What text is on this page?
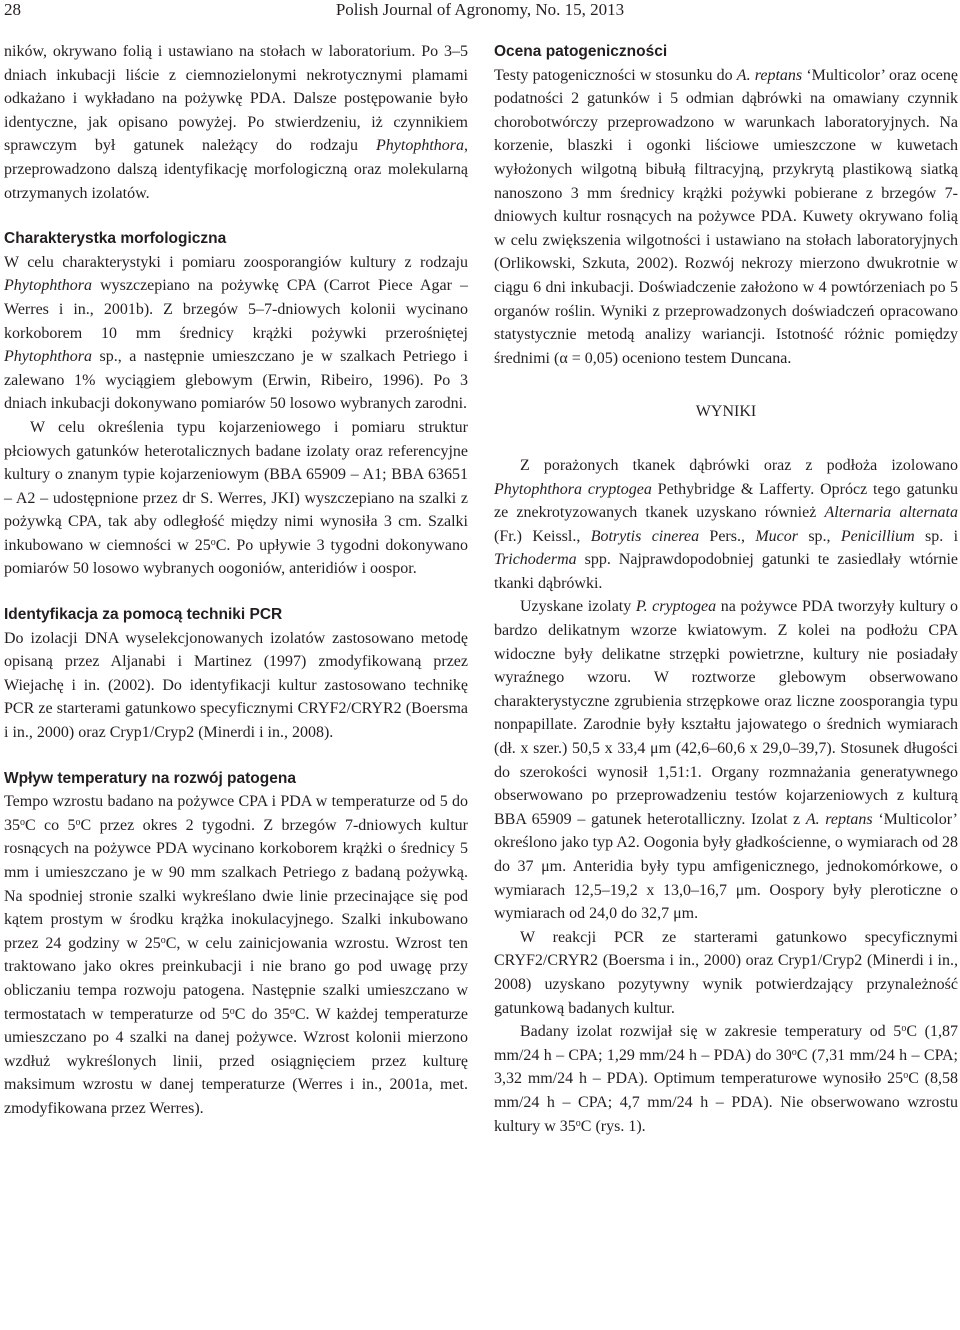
28	Polish Journal of Agronomy, No. 15, 2013

ników, okrywano folią i ustawiano na stołach w laboratorium. Po 3–5 dniach inkubacji liście z ciemnozielonymi nekrotycznymi plamami odkażano i wykładano na pożywkę PDA. Dalsze postępowanie było identyczne, jak opisano powyżej. Po stwierdzeniu, iż czynnikiem sprawczym był gatunek należący do rodzaju Phytophthora, przeprowadzono dalszą identyfikację morfologiczną oraz molekularną otrzymanych izolatów.

Charakterystka morfologiczna

W celu charakterystyki i pomiaru zoosporangiów kultury z rodzaju Phytophthora wyszczepiano na pożywkę CPA (Carrot Piece Agar – Werres i in., 2001b). Z brzegów 5–7-dniowych kolonii wycinano korkoborem 10 mm średnicy krążki pożywki przerośniętej Phytophthora sp., a następnie umieszczano je w szalkach Petriego i zalewano 1% wyciągiem glebowym (Erwin, Ribeiro, 1996). Po 3 dniach inkubacji dokonywano pomiarów 50 losowo wybranych zarodni.

W celu określenia typu kojarzeniowego i pomiaru struktur płciowych gatunków heterotalicznych badane izolaty oraz referencyjne kultury o znanym typie kojarzeniowym (BBA 65909 – A1; BBA 63651 – A2 – udostępnione przez dr S. Werres, JKI) wyszczepiano na szalki z pożywką CPA, tak aby odległość między nimi wynosiła 3 cm. Szalki inkubowano w ciemności w 25$^o$C. Po upływie 3 tygodni dokonywano pomiarów 50 losowo wybranych oogoniów, anteridiów i oospor.

Identyfikacja za pomocą techniki PCR

Do izolacji DNA wyselekcjonowanych izolatów zastosowano metodę opisaną przez Aljanabi i Martinez (1997) zmodyfikowaną przez Wiejachę i in. (2002). Do identyfikacji kultur zastosowano technikę PCR ze starterami gatunkowo specyficznymi CRYF2/CRYR2 (Boersma i in., 2000) oraz Cryp1/Cryp2 (Minerdi i in., 2008).

Wpływ temperatury na rozwój patogena

Tempo wzrostu badano na pożywce CPA i PDA w temperaturze od 5 do 35$^o$C co 5$^o$C przez okres 2 tygodni. Z brzegów 7-dniowych kultur rosnących na pożywce PDA wycinano korkoborem krążki o średnicy 5 mm i umieszczano je w 90 mm szalkach Petriego z badaną pożywką. Na spodniej stronie szalki wykreślano dwie linie przecinające się pod kątem prostym w środku krążka inokulacyjnego. Szalki inkubowano przez 24 godziny w 25$^o$C, w celu zainicjowania wzrostu. Wzrost ten traktowano jako okres preinkubacji i nie brano go pod uwagę przy obliczaniu tempa rozwoju patogena. Następnie szalki umieszczano w termostatach w temperaturze od 5$^o$C do 35$^o$C. W każdej temperaturze umieszczano po 4 szalki na danej pożywce. Wzrost kolonii mierzono wzdłuż wykreślonych linii, przed osiągnięciem przez kulturę maksimum wzrostu w danej temperaturze (Werres i in., 2001a, met. zmodyfikowana przez Werres).

Ocena patogeniczności

Testy patogeniczności w stosunku do A. reptans ‘Multicolor’ oraz ocenę podatności 2 gatunków i 5 odmian dąbrówki na omawiany czynnik chorobotwórczy przeprowadzono w warunkach laboratoryjnych. Na korzenie, blaszki i ogonki liściowe umieszczone w kuwetach wyłożonych wilgotną bibułą filtracyjną, przykrytą plastikową siatką nanoszono 3 mm średnicy krążki pożywki pobierane z brzegów 7-dniowych kultur rosnących na pożywce PDA. Kuwety okrywano folią w celu zwiększenia wilgotności i ustawiano na stołach laboratoryjnych (Orlikowski, Szkuta, 2002). Rozwój nekrozy mierzono dwukrotnie w ciągu 6 dni inkubacji. Doświadczenie założono w 4 powtórzeniach po 5 organów roślin. Wyniki z przeprowadzonych doświadczeń opracowano statystycznie metodą analizy wariancji. Istotność różnic pomiędzy średnimi (α = 0,05) oceniono testem Duncana.

WYNIKI

Z porażonych tkanek dąbrówki oraz z podłoża izolowano Phytophthora cryptogea Pethybridge & Lafferty. Oprócz tego gatunku ze znekrotyzowanych tkanek uzyskano również Alternaria alternata (Fr.) Keissl., Botrytis cinerea Pers., Mucor sp., Penicillium sp. i Trichoderma spp. Najprawdopodobniej gatunki te zasiedlały wtórnie tkanki dąbrówki.

Uzyskane izolaty P. cryptogea na pożywce PDA tworzyły kultury o bardzo delikatnym wzorze kwiatowym. Z kolei na podłożu CPA widoczne były delikatne strzępki powietrzne, kultury nie posiadały wyraźnego wzoru. W roztworze glebowym obserwowano charakterystyczne zgrubienia strzępkowe oraz liczne zoosporangia typu nonpapillate. Zarodnie były kształtu jajowatego o średnich wymiarach (dł. x szer.) 50,5 x 33,4 μm (42,6–60,6 x 29,0–39,7). Stosunek długości do szerokości wynosił 1,51:1. Organy rozmnażania generatywnego obserwowano po przeprowadzeniu testów kojarzeniowych z kulturą BBA 65909 – gatunek heterotalliczny. Izolat z A. reptans ‘Multicolor’ określono jako typ A2. Oogonia były gładkościenne, o wymiarach od 28 do 37 μm. Anteridia były typu amfigenicznego, jednokomórkowe, o wymiarach 12,5–19,2 x 13,0–16,7 μm. Oospory były pleroticzne o wymiarach od 24,0 do 32,7 μm.

W reakcji PCR ze starterami gatunkowo specyficznymi CRYF2/CRYR2 (Boersma i in., 2000) oraz Cryp1/Cryp2 (Minerdi i in., 2008) uzyskano pozytywny wynik potwierdzający przynależność gatunkową badanych kultur.

Badany izolat rozwijał się w zakresie temperatury od 5$^o$C (1,87 mm/24 h – CPA; 1,29 mm/24 h – PDA) do 30$^o$C (7,31 mm/24 h – CPA; 3,32 mm/24 h – PDA). Optimum temperaturowe wynosiło 25$^o$C (8,58 mm/24 h – CPA; 4,7 mm/24 h – PDA). Nie obserwowano wzrostu kultury w 35$^o$C (rys. 1).
